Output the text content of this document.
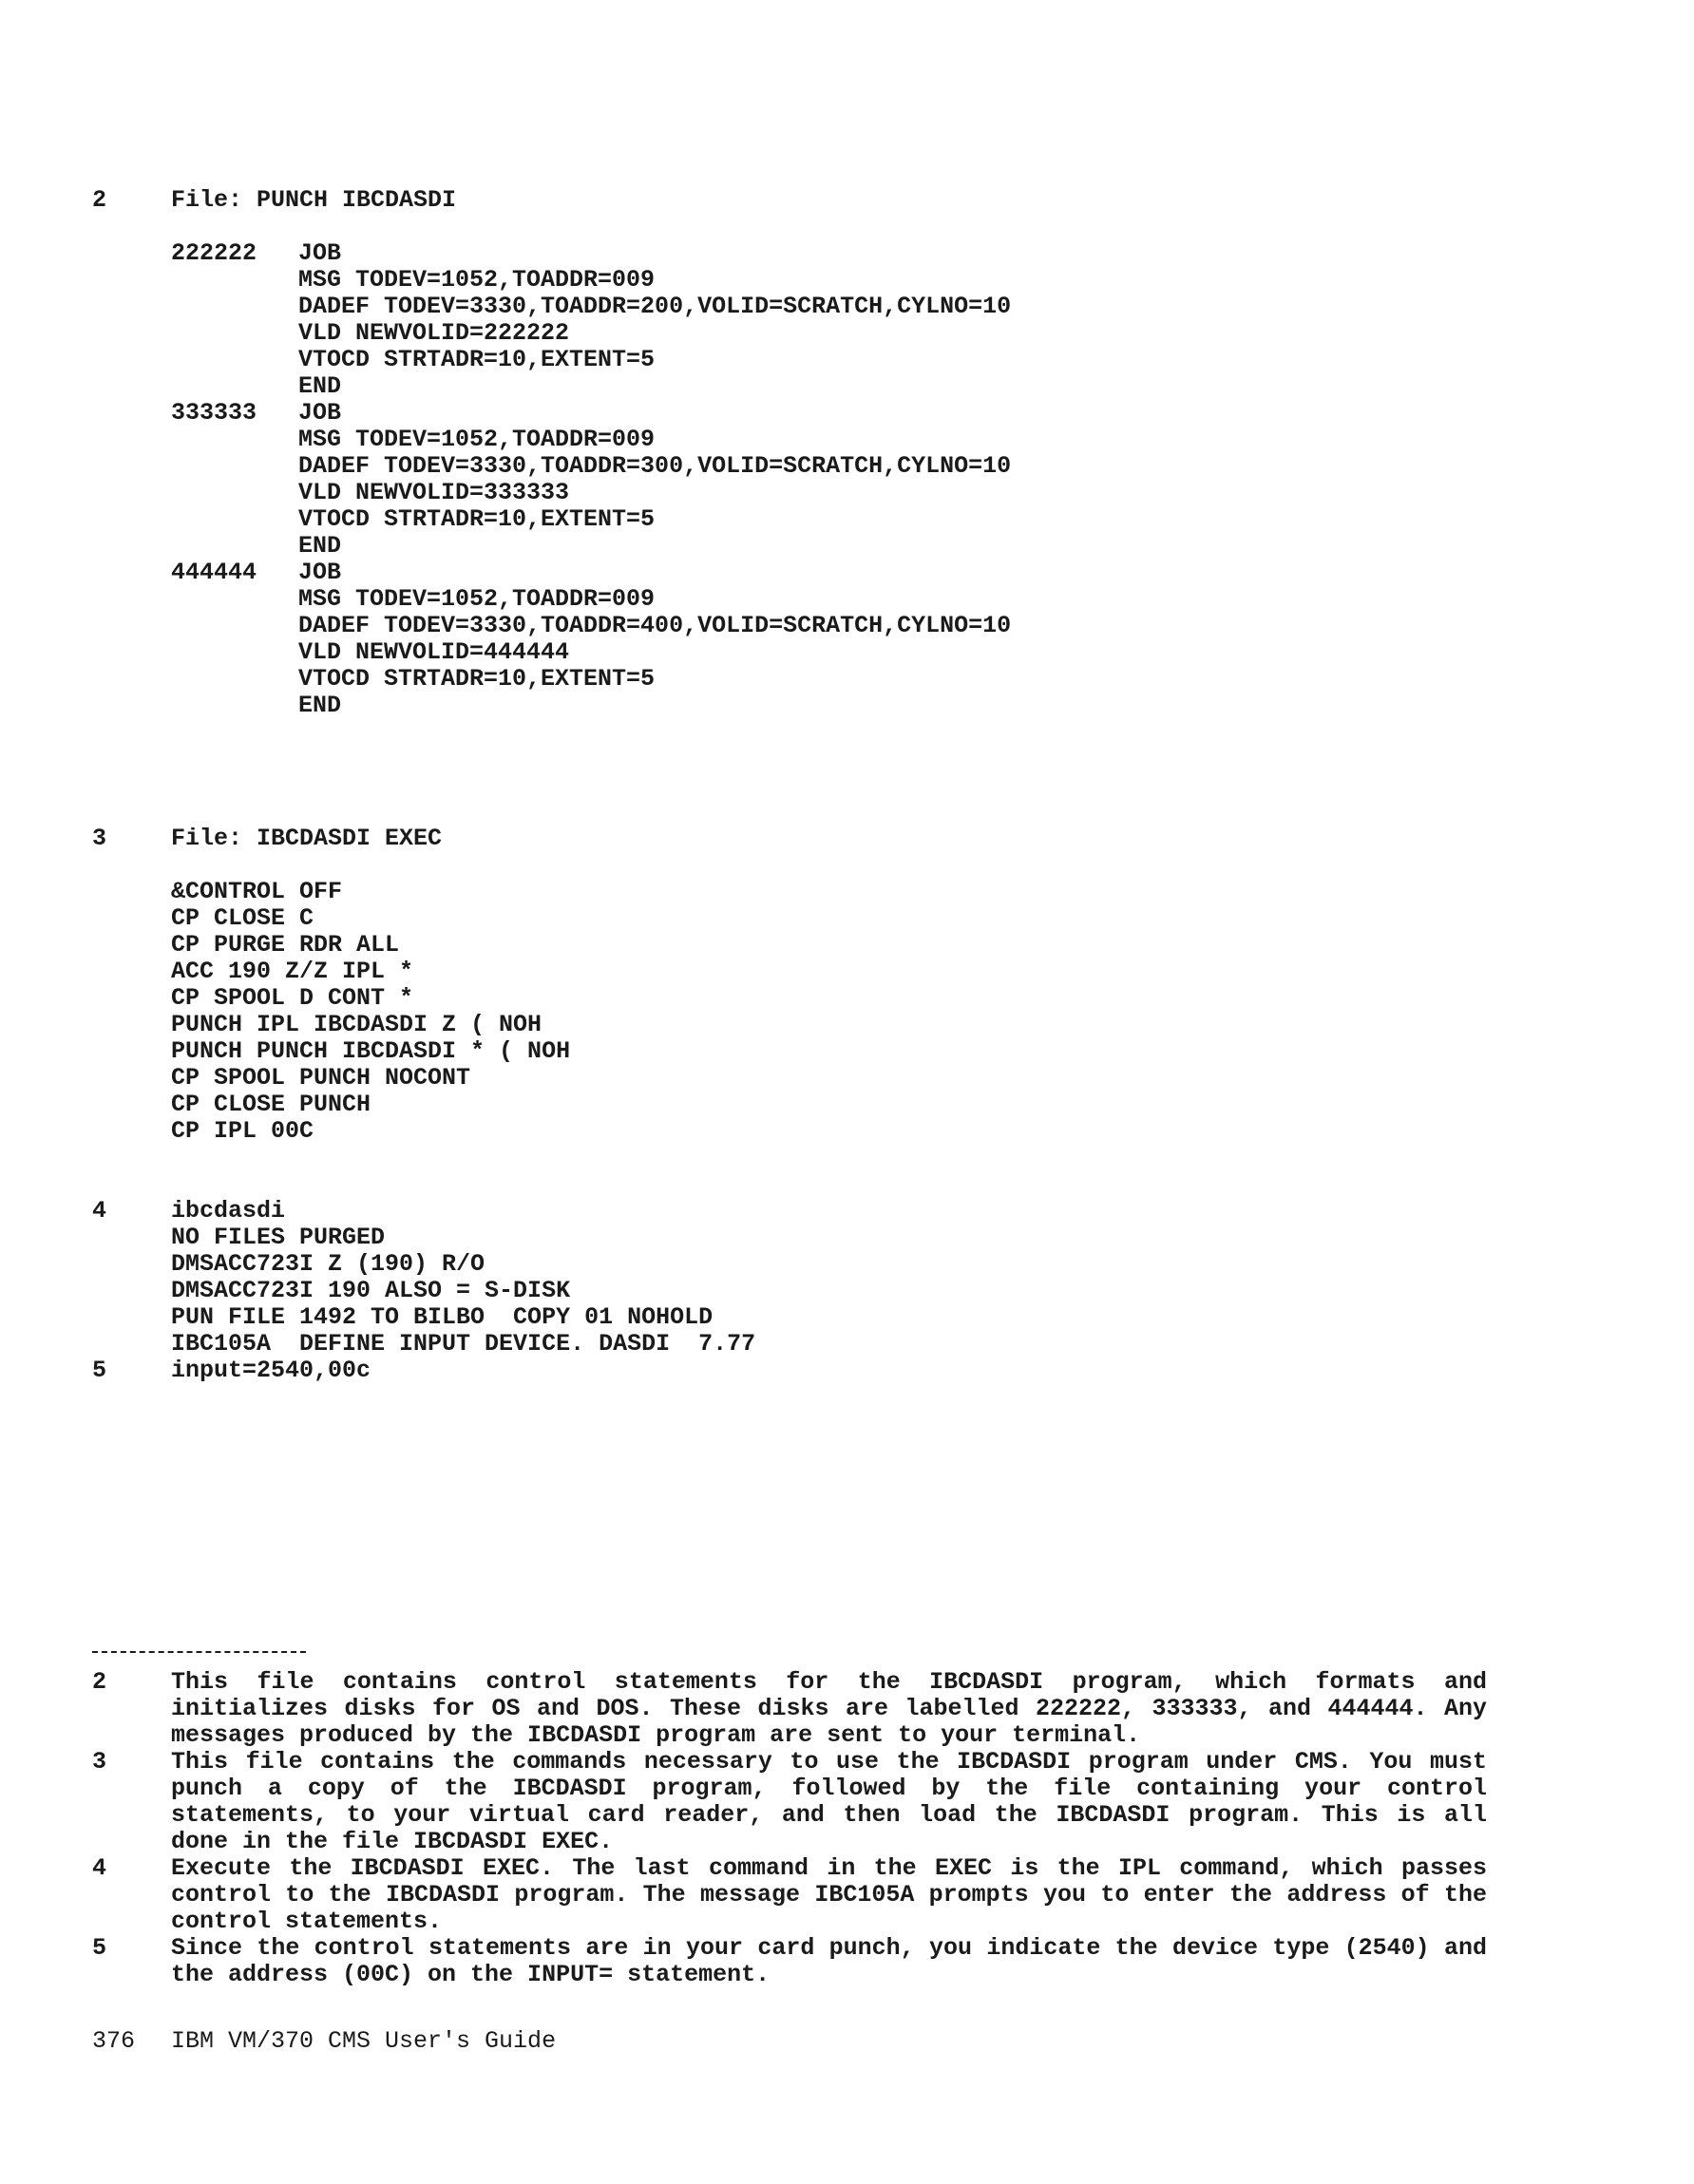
2	File: PUNCH IBCDASDI
222222 JOB
MSG TODEV=1052,TOADDR=009
DADEF TODEV=3330,TOADDR=200,VOLID=SCRATCH,CYLNO=10
VLD NEWVOLID=222222
VTOCD STRTADR=10,EXTENT=5
END
333333 JOB
MSG TODEV=1052,TOADDR=009
DADEF TODEV=3330,TOADDR=300,VOLID=SCRATCH,CYLNO=10
VLD NEWVOLID=333333
VTOCD STRTADR=10,EXTENT=5
END
444444 JOB
MSG TODEV=1052,TOADDR=009
DADEF TODEV=3330,TOADDR=400,VOLID=SCRATCH,CYLNO=10
VLD NEWVOLID=444444
VTOCD STRTADR=10,EXTENT=5
END
3	File: IBCDASDI EXEC
&CONTROL OFF
CP CLOSE C
CP PURGE RDR ALL
ACC 190 Z/Z IPL *
CP SPOOL D CONT *
PUNCH IPL IBCDASDI Z ( NOH
PUNCH PUNCH IBCDASDI * ( NOH
CP SPOOL PUNCH NOCONT
CP CLOSE PUNCH
CP IPL 00C
4	ibcdasdi
NO FILES PURGED
DMSACC723I Z (190) R/O
DMSACC723I 190 ALSO = S-DISK
PUN FILE 1492 TO BILBO  COPY 01 NOHOLD
IBC105A  DEFINE INPUT DEVICE. DASDI  7.77
5	input=2540,00c
2	This file contains control statements for the IBCDASDI program, which formats and initializes disks for OS and DOS. These disks are labelled 222222, 333333, and 444444. Any messages produced by the IBCDASDI program are sent to your terminal.
3	This file contains the commands necessary to use the IBCDASDI program under CMS. You must punch a copy of the IBCDASDI program, followed by the file containing your control statements, to your virtual card reader, and then load the IBCDASDI program. This is all done in the file IBCDASDI EXEC.
4	Execute the IBCDASDI EXEC. The last command in the EXEC is the IPL command, which passes control to the IBCDASDI program. The message IBC105A prompts you to enter the address of the control statements.
5	Since the control statements are in your card punch, you indicate the device type (2540) and the address (00C) on the INPUT= statement.
376 IBM VM/370 CMS User's Guide
